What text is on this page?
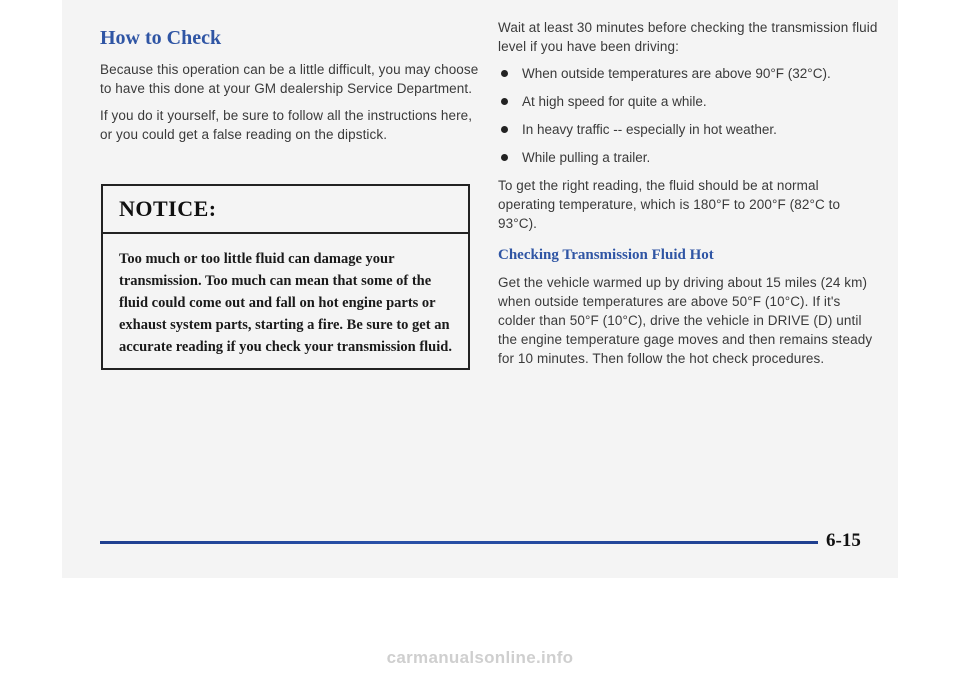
How to Check

Because this operation can be a little difficult, you may choose to have this done at your GM dealership Service Department.

If you do it yourself, be sure to follow all the instructions here, or you could get a false reading on the dipstick.

NOTICE:
Too much or too little fluid can damage your transmission. Too much can mean that some of the fluid could come out and fall on hot engine parts or exhaust system parts, starting a fire. Be sure to get an accurate reading if you check your transmission fluid.

Wait at least 30 minutes before checking the transmission fluid level if you have been driving:

When outside temperatures are above 90°F (32°C).
At high speed for quite a while.
In heavy traffic -- especially in hot weather.
While pulling a trailer.

To get the right reading, the fluid should be at normal operating temperature, which is 180°F to 200°F (82°C to 93°C).

Checking Transmission Fluid Hot

Get the vehicle warmed up by driving about 15 miles (24 km) when outside temperatures are above 50°F (10°C). If it's colder than 50°F (10°C), drive the vehicle in DRIVE (D) until the engine temperature gage moves and then remains steady for 10 minutes. Then follow the hot check procedures.

6-15
carmanualsonline.info
